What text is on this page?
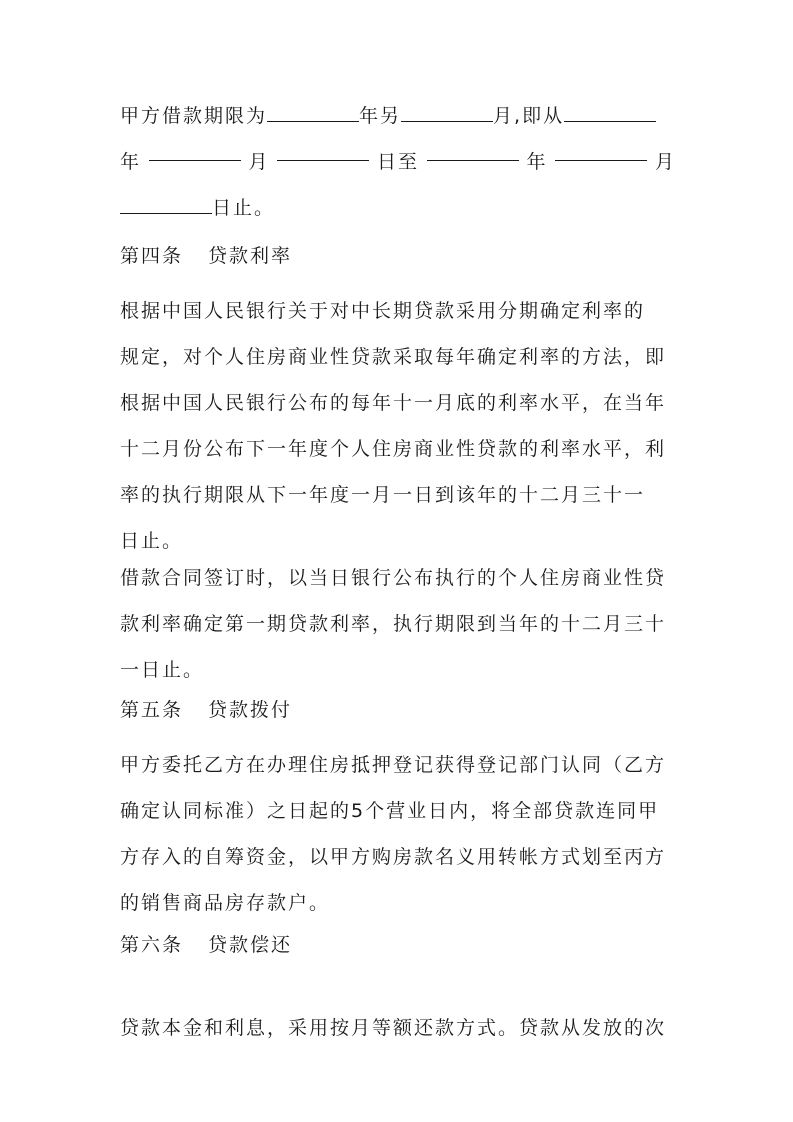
甲方借款期限为	年另	月,即从
年	月	日至	年	月
日止。
第四条 贷款利率
根据中国人民银行关于对中长期贷款采用分期确定利率的
规定，对个人住房商业性贷款采取每年确定利率的方法，即
根据中国人民银行公布的每年十一月底的利率水平，在当年
十二月份公布下一年度个人住房商业性贷款的利率水平，利
率的执行期限从下一年度一月一日到该年的十二月三十一
日止。
借款合同签订时，以当日银行公布执行的个人住房商业性贷
款利率确定第一期贷款利率，执行期限到当年的十二月三十
一日止。
第五条 贷款拨付
甲方委托乙方在办理住房抵押登记获得登记部门认同（乙方
确定认同标准）之日起的5个营业日内，将全部贷款连同甲
方存入的自筹资金，以甲方购房款名义用转帐方式划至丙方
的销售商品房存款户。
第六条 贷款偿还
贷款本金和利息，采用按月等额还款方式。贷款从发放的次
